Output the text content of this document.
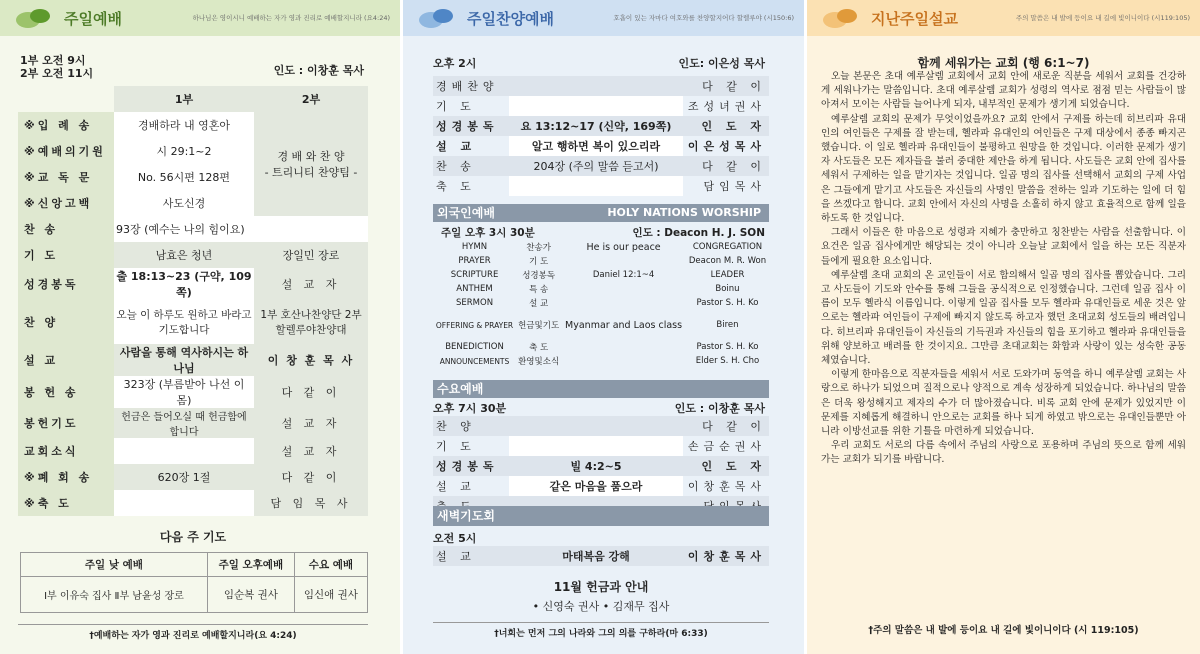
주일예배	하나님은 영이시니 예배하는 자가 영과 진리로 예배할지니라 (요4:24)
1부 오전 9시
2부 오전 11시	인도 : 이창훈 목사
	1부	2부
※입 례 송	경배하라 내 영혼아	경 배 와 찬 양
- 트리니티 찬양팀 -

※예배의기원	시 29:1~2	
※교 독 문	No. 56시편 128편	
※신앙고백	사도신경	
찬 송	93장 (예수는 나의 힘이요)	
기 도	남효은 청년	장일민 장로
성경봉독	출 18:13~23 (구약, 109쪽)	설 교 자
찬 양	오늘 이 하루도 원하고 바라고 기도합니다	1부 호산나찬양단 2부 할렐루야찬양대
설 교	사람을 통해 역사하시는 하나님	이 창 훈 목 사
봉 헌 송	323장 (부름받아 나선 이 몸)	다 같 이
봉헌기도	헌금은 들어오실 때 헌금함에 합니다	설 교 자
교회소식		설 교 자
※폐 회 송	620장 1절	다 같 이
※축 도		담 임 목 사
다음 주 기도
주일 낮 예배	주일 오후예배	수요 예배
Ⅰ부 이유숙 집사 Ⅱ부 남윤성 장로	임순복 권사	임신애 권사
†예배하는 자가 영과 진리로 예배할지니라(요 4:24)
주일찬양예배	호흡이 있는 자마다 여호와를 찬양할지어다 할렐루야 (시150:6)
오후 2시	인도: 이은성 목사
경배찬양		다 같 이
기 도		조성녀권사
성경봉독	요 13:12~17 (신약, 169쪽)	인 도 자
설 교	알고 행하면 복이 있으리라	이은성목사
찬 송	204장 (주의 말씀 듣고서)	다 같 이
축 도		담임목사
외국인예배	HOLY NATIONS WORSHIP
주일 오후 3시 30분	인도 : Deacon H. J. SON
HYMN	찬송가	He is our peace	CONGREGATION
PRAYER	기 도		Deacon M. R. Won
SCRIPTURE	성경봉독	Daniel 12:1~4	LEADER
ANTHEM	특 송		Boinu
SERMON	설 교		Pastor S. H. Ko
OFFERING & PRAYER	헌금및기도	Myanmar and Laos class	Biren
BENEDICTION	축 도		Pastor S. H. Ko
ANNOUNCEMENTS	환영및소식		Elder S. H. Cho
수요예배
오후 7시 30분	인도 : 이창훈 목사
찬 양		다 같 이
기 도		손금순권사
성경봉독	빌 4:2~5	인 도 자
설 교	같은 마음을 품으라	이창훈목사

새벽기도회
오전 5시
설 교	마태복음 강해	이창훈목사
11월 헌금과 안내
• 신영숙 권사 • 김재무 집사
†너희는 먼저 그의 나라와 그의 의를 구하라(마 6:33)
지난주일설교	주의 말씀은 내 발에 등이요 내 길에 빛이니이다 (시119:105)
함께 세워가는 교회 (행 6:1~7)

오늘 본문은 초대 예루살렘 교회에서 교회 안에 새로운 직분을 세워서 교회를 건강하게 세워나가는 말씀입니다. 초대 예루살렘 교회가 성령의 역사로 점점 믿는 사람들이 많아져서 모이는 사람들 늘어나게 되자, 내부적인 문제가 생기게 되었습니다.

예루살렘 교회의 문제가 무엇이었을까요? 교회 안에서 구제를 하는데 히브리파 유대인의 여인들은 구제를 잘 받는데, 헬라파 유대인의 여인들은 구제 대상에서 종종 빠지곤 했습니다. 이 일로 헬라파 유대인들이 불평하고 원망을 한 것입니다. 이러한 문제가 생기자 사도들은 모든 제자들을 불러 중대한 제안을 하게 됩니다. 사도들은 교회 안에 집사를 세워서 구제하는 일을 맡기자는 것입니다. 일곱 명의 집사를 선택해서 교회의 구제 사업은 그들에게 맡기고 사도들은 자신들의 사명인 말씀을 전하는 일과 기도하는 일에 더 힘을 쓰겠다고 합니다. 교회 안에서 자신의 사명을 소홀히 하지 않고 효율적으로 함께 일을 하도록 한 것입니다.

그래서 이들은 한 마음으로 성령과 지혜가 충만하고 칭찬받는 사람을 선출합니다. 이 요건은 일곱 집사에게만 해당되는 것이 아니라 오늘날 교회에서 일을 하는 모든 직분자들에게 필요한 요소입니다.

예루살렘 초대 교회의 온 교인들이 서로 합의해서 일곱 명의 집사를 뽑았습니다. 그리고 사도들이 기도와 안수를 통해 그들을 공식적으로 인정했습니다. 그런데 일곱 집사 이름이 모두 헬라식 이름입니다. 이렇게 일곱 집사를 모두 헬라파 유대인들로 세운 것은 앞으로는 헬라파 여인들이 구제에 빠지지 않도록 하고자 했던 초대교회 성도들의 배려입니다. 히브리파 유대인들이 자신들의 기득권과 자신들의 힘을 포기하고 헬라파 유대인들을 위해 양보하고 배려를 한 것이지요. 그만큼 초대교회는 화합과 사랑이 있는 성숙한 공동체였습니다.

이렇게 한마음으로 직분자들을 세워서 서로 도와가며 동역을 하니 예루살렘 교회는 사랑으로 하나가 되었으며 질적으로나 양적으로 계속 성장하게 되었습니다. 하나님의 말씀은 더욱 왕성해지고 제자의 수가 더 많아졌습니다. 비록 교회 안에 문제가 있었지만 이 문제를 지혜롭게 해결하니 안으로는 교회를 하나 되게 하였고 밖으로는 유대인들뿐만 아니라 이방선교를 위한 기틀을 마련하게 되었습니다.

우리 교회도 서로의 다름 속에서 주님의 사랑으로 포용하며 주님의 뜻으로 함께 세워가는 교회가 되기를 바랍니다.

†주의 말씀은 내 발에 등이요 내 길에 빛이니이다 (시 119:105)
